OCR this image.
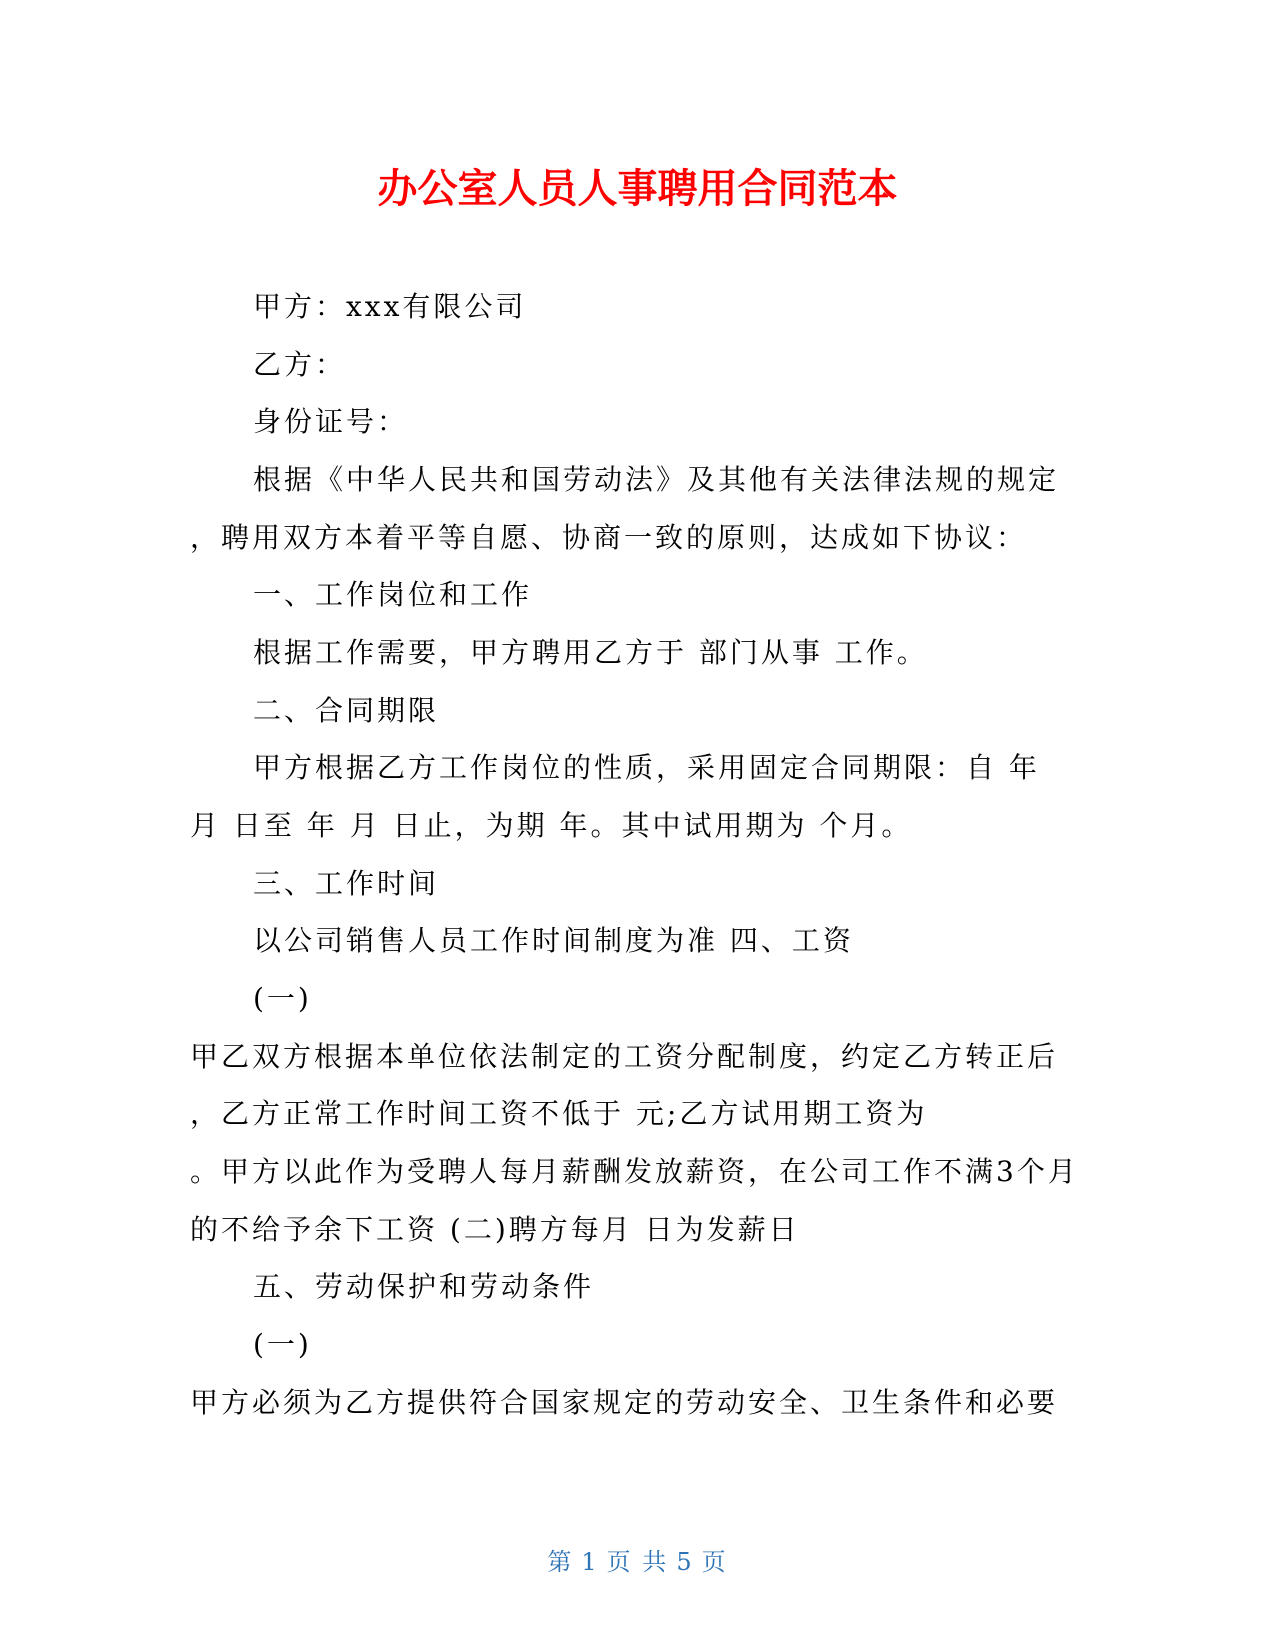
办公室人员人事聘用合同范本

甲方：xxx有限公司

乙方：

身份证号：

根据《中华人民共和国劳动法》及其他有关法律法规的规定

，聘用双方本着平等自愿、协商一致的原则，达成如下协议：

一、工作岗位和工作

根据工作需要，甲方聘用乙方于 部门从事 工作。

二、合同期限

甲方根据乙方工作岗位的性质，采用固定合同期限：自 年

月 日至 年 月 日止，为期 年。其中试用期为 个月。

三、工作时间

以公司销售人员工作时间制度为准 四、工资

(一)

甲乙双方根据本单位依法制定的工资分配制度，约定乙方转正后

，乙方正常工作时间工资不低于 元;乙方试用期工资为

。甲方以此作为受聘人每月薪酬发放薪资，在公司工作不满3个月

的不给予余下工资 (二)聘方每月 日为发薪日

五、劳动保护和劳动条件

(一)

甲方必须为乙方提供符合国家规定的劳动安全、卫生条件和必要

第 1 页 共 5 页
